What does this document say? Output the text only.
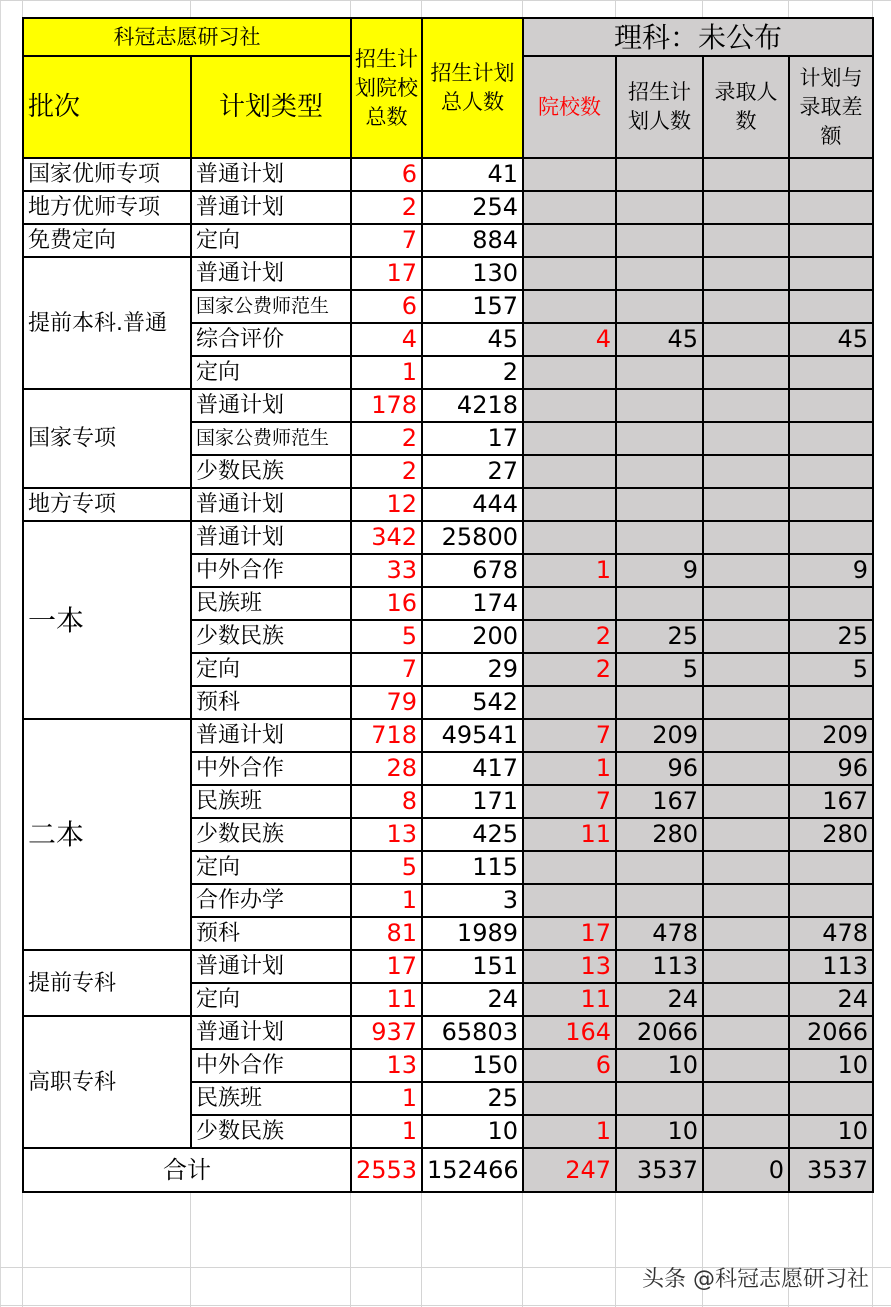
科冠志愿研习社		招生计划院校总数	招生计划总人数	理科：未公布			
批次	计划类型			院校数	招生计划人数	录取人数	计划与录取差额
国家优师专项	普通计划	6	41				
地方优师专项	普通计划	2	254				
免费定向	定向	7	884				
提前本科.普通	普通计划	17	130				
	国家公费师范生	6	157				
	综合评价	4	45	4	45		45
	定向	1	2				
国家专项	普通计划	178	4218				
	国家公费师范生	2	17				
	少数民族	2	27				
地方专项	普通计划	12	444				
一本	普通计划	342	25800				
	中外合作	33	678	1	9		9
	民族班	16	174				
	少数民族	5	200	2	25		25
	定向	7	29	2	5		5
	预科	79	542				
二本	普通计划	718	49541	7	209		209
	中外合作	28	417	1	96		96
	民族班	8	171	7	167		167
	少数民族	13	425	11	280		280
	定向	5	115				
	合作办学	1	3				
	预科	81	1989	17	478		478
提前专科	普通计划	17	151	13	113		113
	定向	11	24	11	24		24
高职专科	普通计划	937	65803	164	2066		2066
	中外合作	13	150	6	10		10
	民族班	1	25				
	少数民族	1	10	1	10		10
合计		2553	152466	247	3537	0	3537
头条 @科冠志愿研习社
